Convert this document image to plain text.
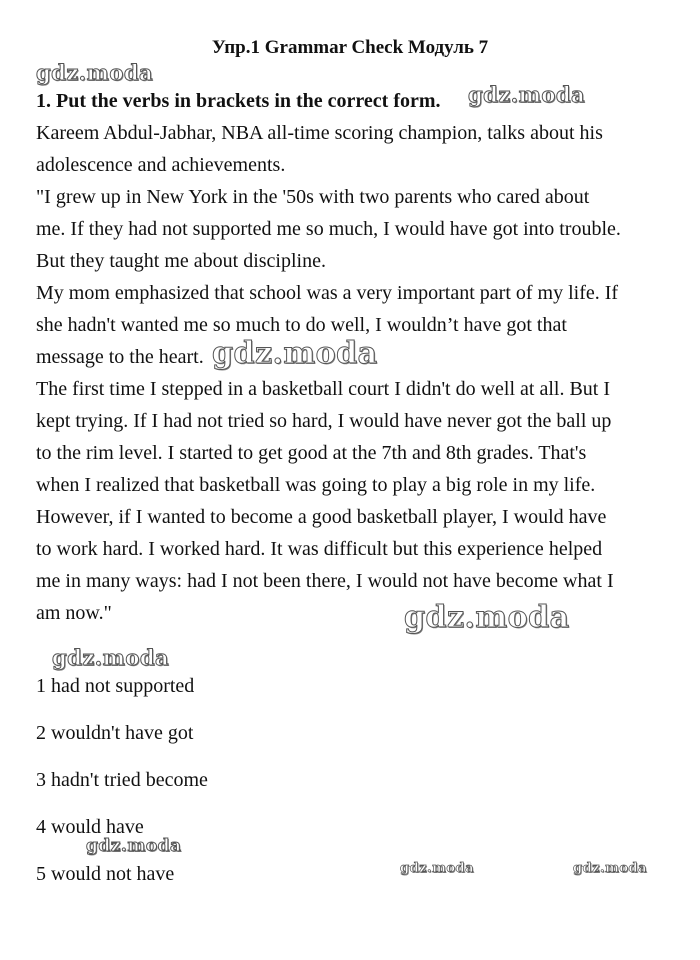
Упр.1 Grammar Check Модуль 7
1. Put the verbs in brackets in the correct form.
Kareem Abdul-Jabhar, NBA all-time scoring champion, talks about his
adolescence and achievements.
"I grew up in New York in the '50s with two parents who cared about
me. If they had not supported me so much, I would have got into trouble.
But they taught me about discipline.
My mom emphasized that school was a very important part of my life. If
she hadn't wanted me so much to do well, I wouldn’t have got that
message to the heart.
The first time I stepped in a basketball court I didn't do well at all. But I
kept trying. If I had not tried so hard, I would have never got the ball up
to the rim level. I started to get good at the 7th and 8th grades. That's
when I realized that basketball was going to play a big role in my life.
However, if I wanted to become a good basketball player, I would have
to work hard. I worked hard. It was difficult but this experience helped
me in many ways: had I not been there, I would not have become what I
am now."
1 had not supported
2 wouldn't have got
3 hadn't tried become
4 would have
5 would not have
gdz.moda
gdz.moda
gdz.moda
gdz.moda
gdz.moda
gdz.moda
gdz.moda	gdz.moda
